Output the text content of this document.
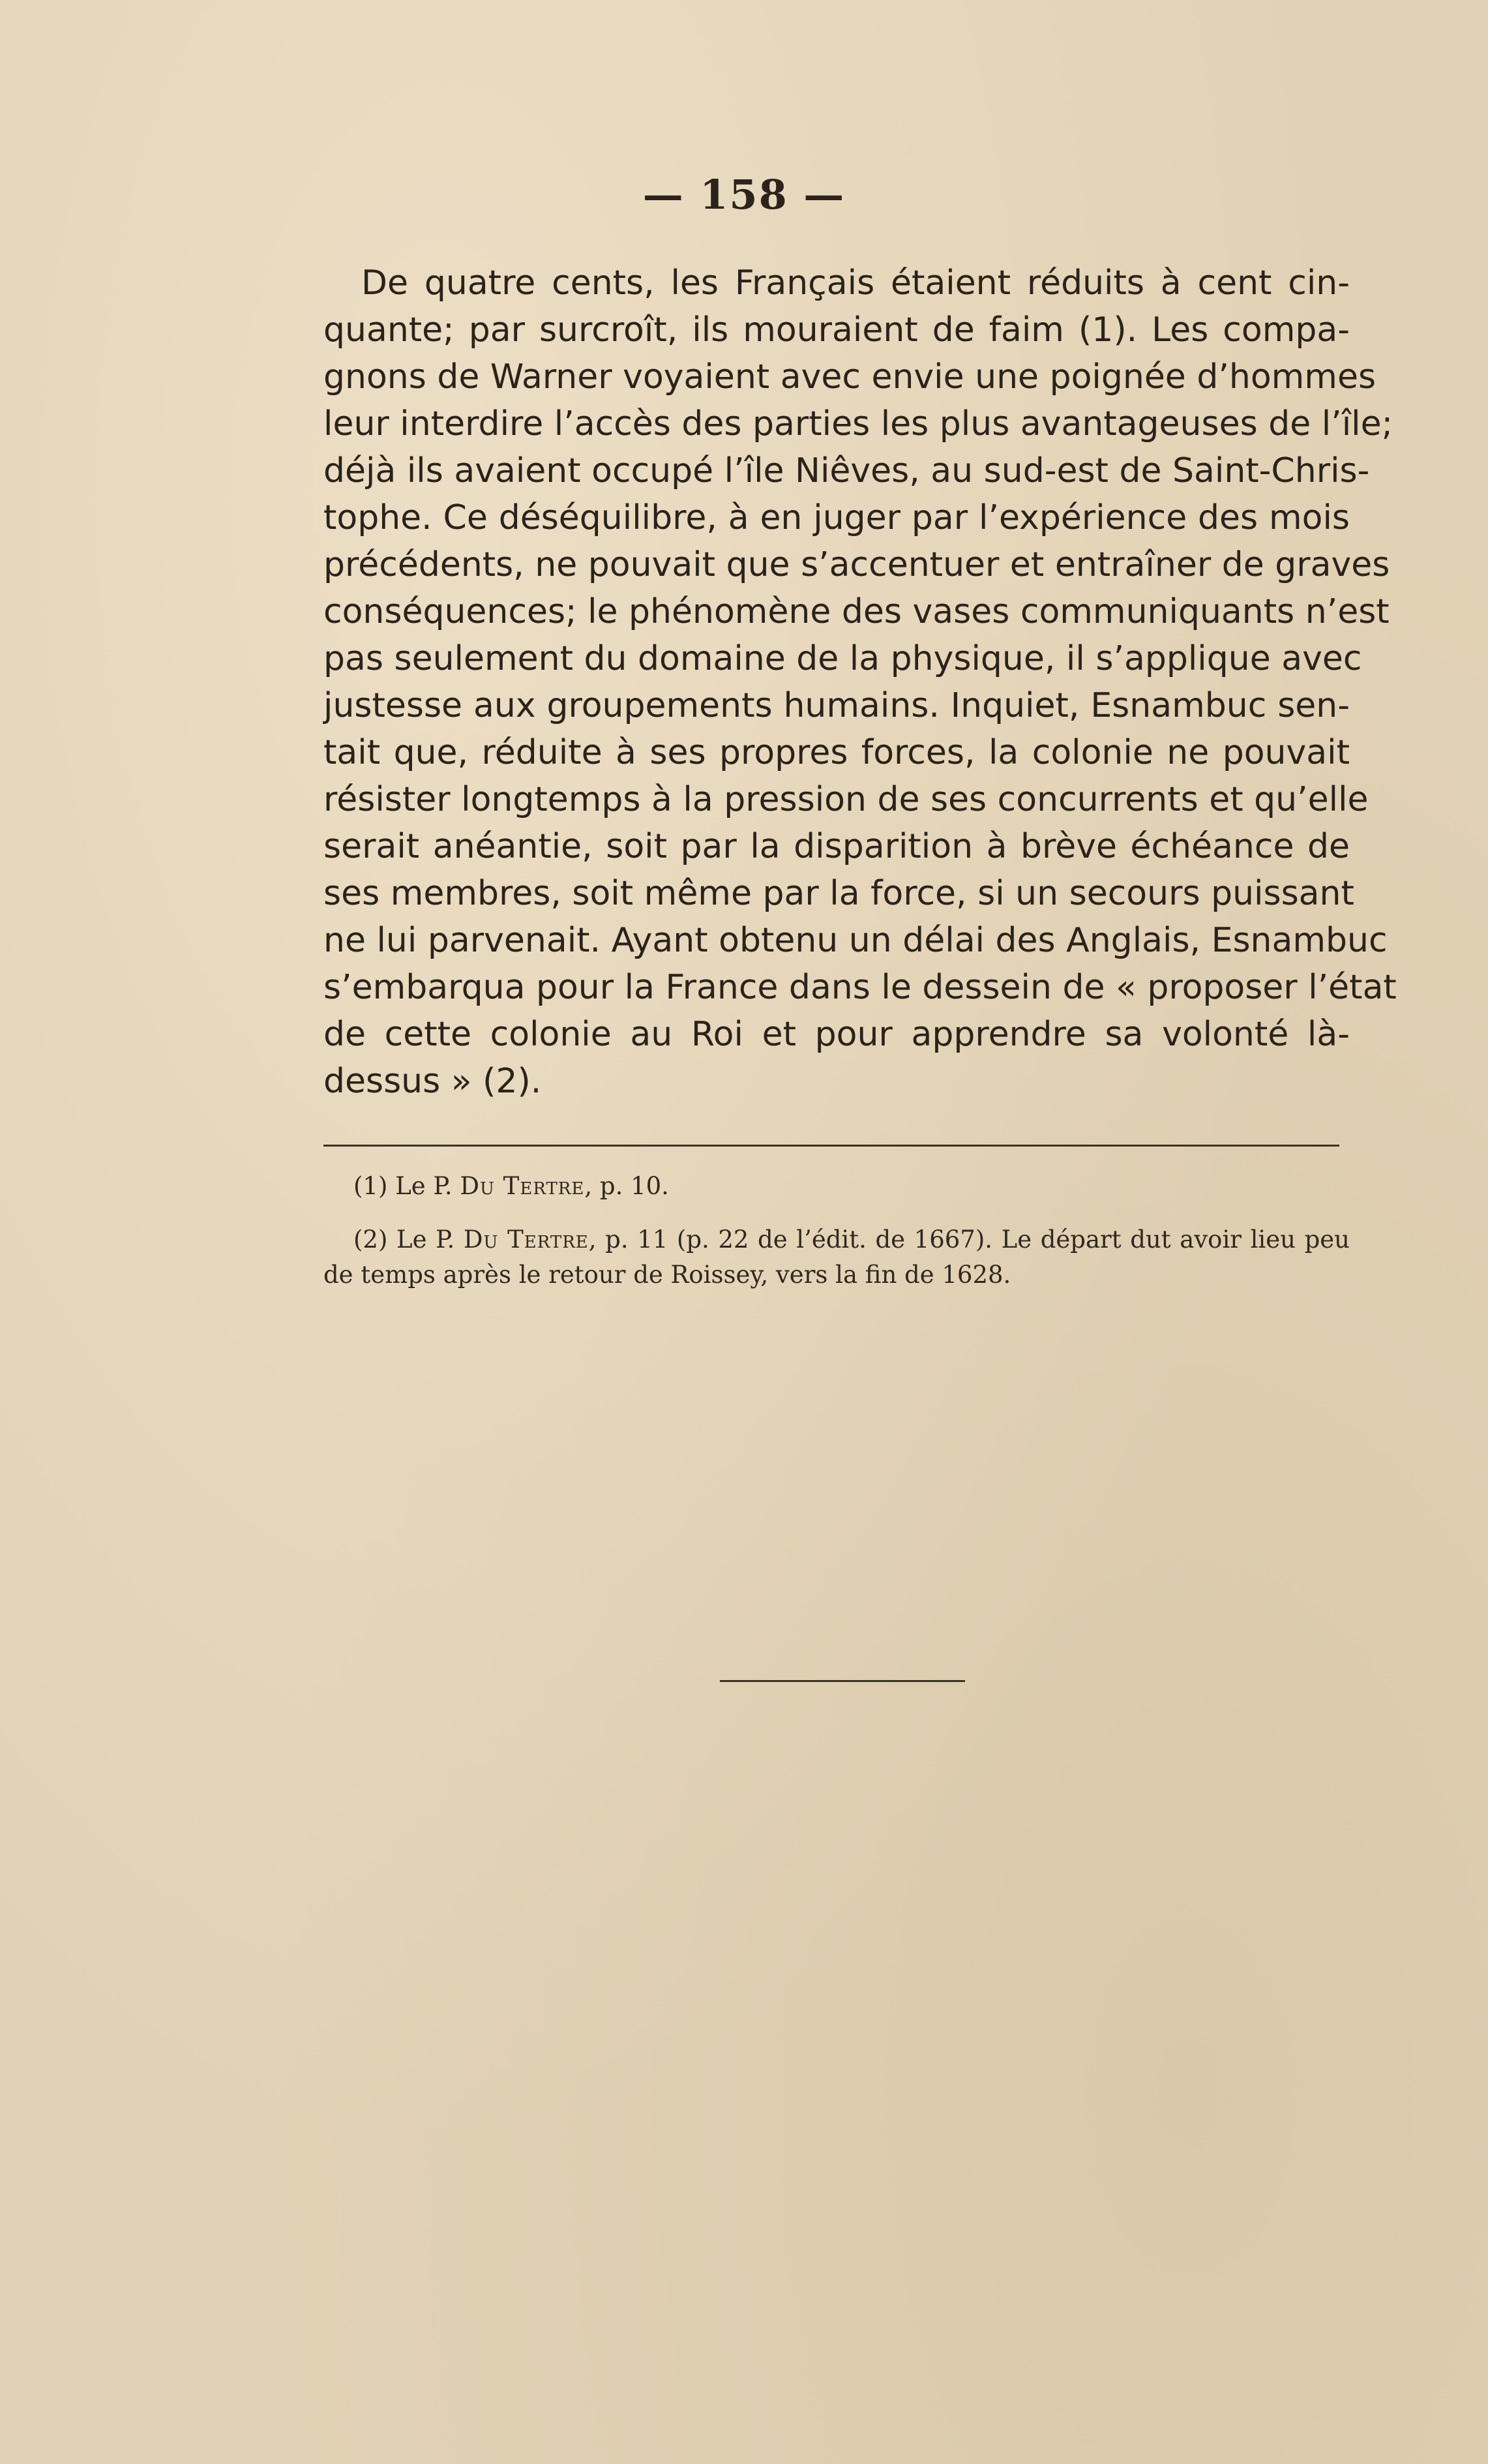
— 158 —
De quatre cents, les Français étaient réduits à cent cin-
quante; par surcroît, ils mouraient de faim (1). Les compa-
gnons de Warner voyaient avec envie une poignée d’hommes
leur interdire l’accès des parties les plus avantageuses de l’île;
déjà ils avaient occupé l’île Niêves, au sud-est de Saint-Chris-
tophe. Ce déséquilibre, à en juger par l’expérience des mois
précédents, ne pouvait que s’accentuer et entraîner de graves
conséquences; le phénomène des vases communiquants n’est
pas seulement du domaine de la physique, il s’applique avec
justesse aux groupements humains. Inquiet, Esnambuc sen-
tait que, réduite à ses propres forces, la colonie ne pouvait
résister longtemps à la pression de ses concurrents et qu’elle
serait anéantie, soit par la disparition à brève échéance de
ses membres, soit même par la force, si un secours puissant
ne lui parvenait. Ayant obtenu un délai des Anglais, Esnambuc
s’embarqua pour la France dans le dessein de « proposer l’état
de cette colonie au Roi et pour apprendre sa volonté là-
dessus » (2).
(1) Le P. Du Tertre, p. 10.
(2) Le P. Du Tertre, p. 11 (p. 22 de l’édit. de 1667). Le départ dut avoir lieu peu
de temps après le retour de Roissey, vers la fin de 1628.
